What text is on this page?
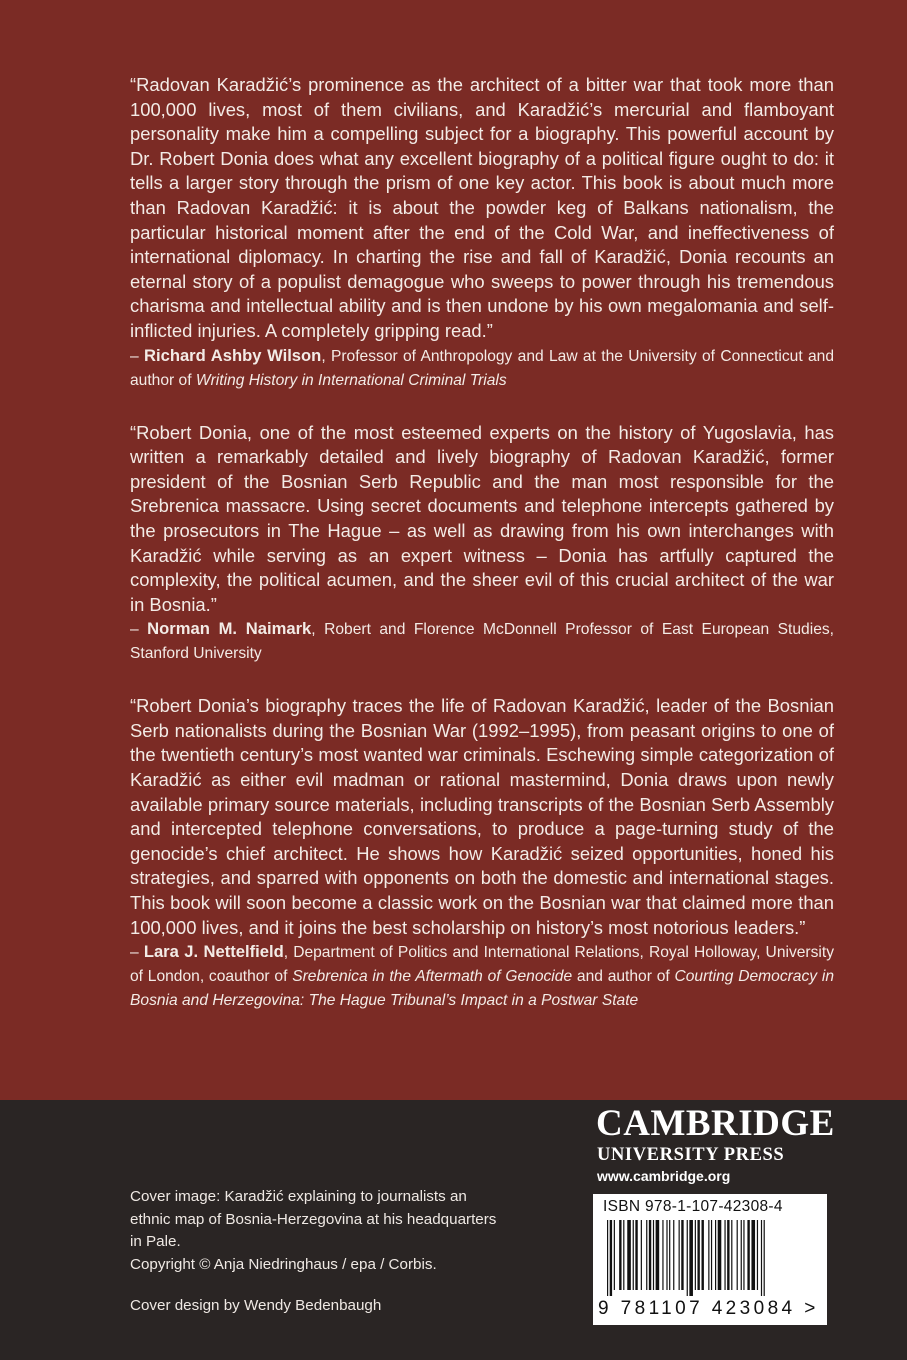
“Radovan Karadžić’s prominence as the architect of a bitter war that took more than 100,000 lives, most of them civilians, and Karadžić’s mercurial and flamboyant personality make him a compelling subject for a biography. This powerful account by Dr. Robert Donia does what any excellent biography of a political figure ought to do: it tells a larger story through the prism of one key actor. This book is about much more than Radovan Karadžić: it is about the powder keg of Balkans nationalism, the particular historical moment after the end of the Cold War, and ineffectiveness of international diplomacy. In charting the rise and fall of Karadžić, Donia recounts an eternal story of a populist demagogue who sweeps to power through his tremendous charisma and intellectual ability and is then undone by his own megalomania and self-inflicted injuries. A completely gripping read.”

– Richard Ashby Wilson, Professor of Anthropology and Law at the University of Connecticut and author of Writing History in International Criminal Trials

“Robert Donia, one of the most esteemed experts on the history of Yugoslavia, has written a remarkably detailed and lively biography of Radovan Karadžić, former president of the Bosnian Serb Republic and the man most responsible for the Srebrenica massacre. Using secret documents and telephone intercepts gathered by the prosecutors in The Hague – as well as drawing from his own interchanges with Karadžić while serving as an expert witness – Donia has artfully captured the complexity, the political acumen, and the sheer evil of this crucial architect of the war in Bosnia.”

– Norman M. Naimark, Robert and Florence McDonnell Professor of East European Studies, Stanford University

“Robert Donia’s biography traces the life of Radovan Karadžić, leader of the Bosnian Serb nationalists during the Bosnian War (1992–1995), from peasant origins to one of the twentieth century’s most wanted war criminals. Eschewing simple categorization of Karadžić as either evil madman or rational mastermind, Donia draws upon newly available primary source materials, including transcripts of the Bosnian Serb Assembly and intercepted telephone conversations, to produce a page-turning study of the genocide’s chief architect. He shows how Karadžić seized opportunities, honed his strategies, and sparred with opponents on both the domestic and international stages. This book will soon become a classic work on the Bosnian war that claimed more than 100,000 lives, and it joins the best scholarship on history’s most notorious leaders.”

– Lara J. Nettelfield, Department of Politics and International Relations, Royal Holloway, University of London, coauthor of Srebrenica in the Aftermath of Genocide and author of Courting Democracy in Bosnia and Herzegovina: The Hague Tribunal’s Impact in a Postwar State

Cover image: Karadžić explaining to journalists an ethnic map of Bosnia-Herzegovina at his headquarters in Pale.
Copyright © Anja Niedringhaus / epa / Corbis.
Cover design by Wendy Bedenbaugh
CAMBRIDGE
UNIVERSITY PRESS
www.cambridge.org
ISBN 978-1-107-42308-4
9 781107 423084 >
